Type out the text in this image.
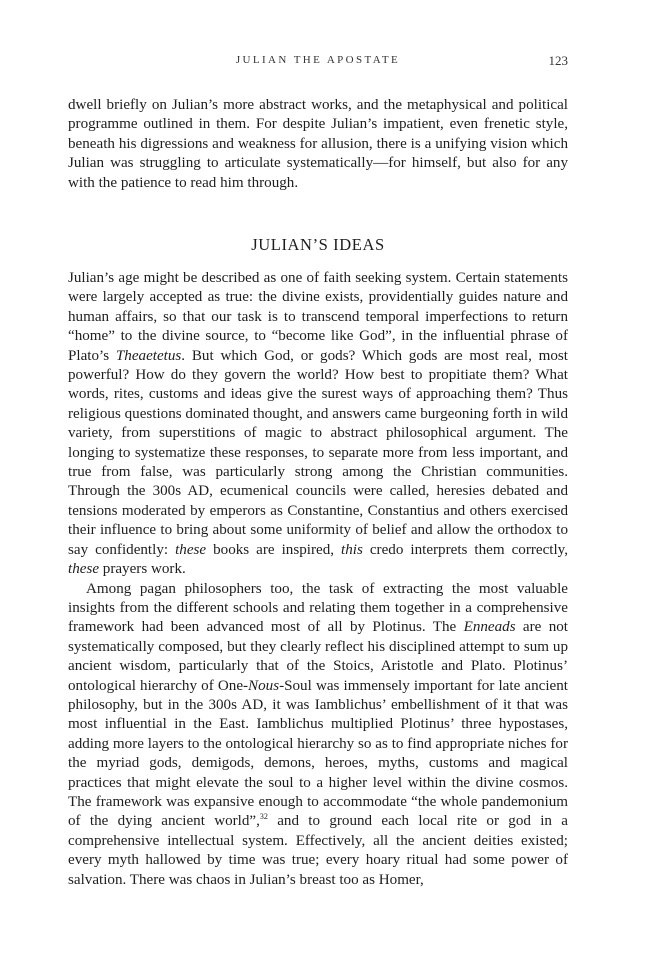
JULIAN THE APOSTATE	123

dwell briefly on Julian’s more abstract works, and the metaphysical and political programme outlined in them. For despite Julian’s impatient, even frenetic style, beneath his digressions and weakness for allusion, there is a unifying vision which Julian was struggling to articulate systematically—for himself, but also for any with the patience to read him through.

JULIAN’S IDEAS

Julian’s age might be described as one of faith seeking system. Certain statements were largely accepted as true: the divine exists, providentially guides nature and human affairs, so that our task is to transcend temporal imperfections to return “home” to the divine source, to “become like God”, in the influential phrase of Plato’s Theaetetus. But which God, or gods? Which gods are most real, most powerful? How do they govern the world? How best to propitiate them? What words, rites, customs and ideas give the surest ways of approaching them? Thus religious questions dominated thought, and answers came burgeoning forth in wild variety, from superstitions of magic to abstract philosophical argument. The longing to systematize these responses, to separate more from less important, and true from false, was particularly strong among the Christian communities. Through the 300s AD, ecumenical councils were called, heresies debated and tensions moderated by emperors as Constantine, Constantius and others exercised their influence to bring about some uniformity of belief and allow the orthodox to say confidently: these books are inspired, this credo interprets them correctly, these prayers work.

Among pagan philosophers too, the task of extracting the most valuable insights from the different schools and relating them together in a comprehensive framework had been advanced most of all by Plotinus. The Enneads are not systematically composed, but they clearly reflect his disciplined attempt to sum up ancient wisdom, particularly that of the Stoics, Aristotle and Plato. Plotinus’ ontological hierarchy of One-Nous-Soul was immensely important for late ancient philosophy, but in the 300s AD, it was Iamblichus’ embellishment of it that was most influential in the East. Iamblichus multiplied Plotinus’ three hypostases, adding more layers to the ontological hierarchy so as to find appropriate niches for the myriad gods, demigods, demons, heroes, myths, customs and magical practices that might elevate the soul to a higher level within the divine cosmos. The framework was expansive enough to accommodate “the whole pandemonium of the dying ancient world”,$^{32}$ and to ground each local rite or god in a comprehensive intellectual system. Effectively, all the ancient deities existed; every myth hallowed by time was true; every hoary ritual had some power of salvation. There was chaos in Julian’s breast too as Homer,
